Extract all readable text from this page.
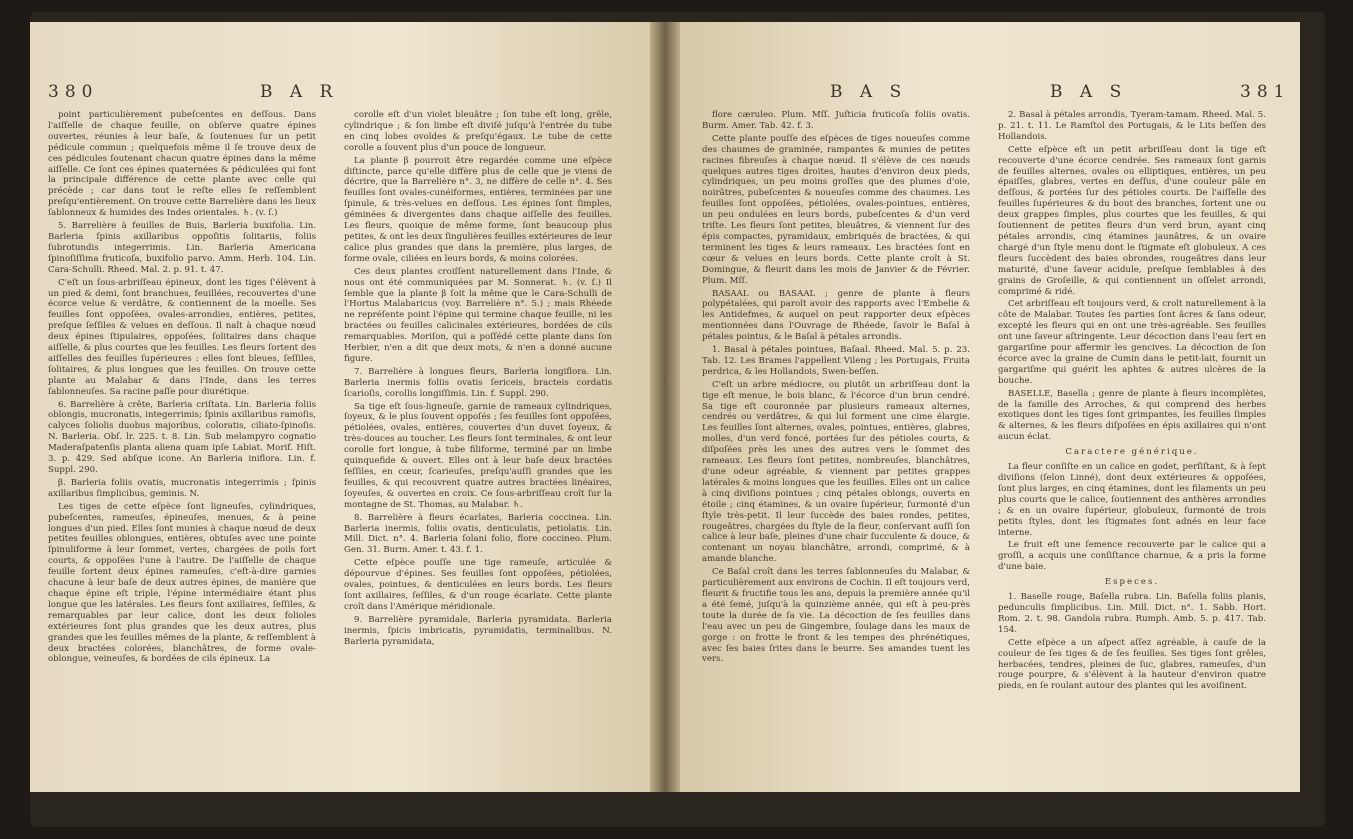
380	B A R

point particulièrement pubeſcentes en deſſous. Dans l'aiſſelle de chaque feuille, on obſerve quatre épines ouvertes, réunies à leur baſe, & ſoutenues ſur un petit pédicule commun ; quelquefois même il ſe trouve deux de ces pédicules ſoutenant chacun quatre épines dans la même aiſſelle. Ce ſont ces épines quaternées & pédiculées qui font la principale différence de cette plante avec celle qui précède ; car dans tout le reſte elles ſe reſſemblent preſqu'entièrement. On trouve cette Barrelière dans les lieux ſablonneux & humides des Indes orientales. ♄. (v. ſ.)

5. Barrelière à feuilles de Buis, Barleria buxifolia. Lin. Barleria ſpinis axillaribus oppoſitis ſolitariis, foliis ſubrotundis integerrimis. Lin. Barleria Americana ſpinoſiſſima fruticoſa, buxifolio parvo. Amm. Herb. 104. Lin. Cara-Schulli. Rheed. Mal. 2. p. 91. t. 47.

C'eſt un ſous-arbriſſeau épineux, dont les tiges ſ'élèvent à un pied & demi, ſont branchues, feuillées, recouvertes d'une écorce velue & verdâtre, & contiennent de la moelle. Ses feuilles ſont oppoſées, ovales-arrondies, entières, petites, preſque ſeſſiles & velues en deſſous. Il naît à chaque nœud deux épines ſtipulaires, oppoſées, ſolitaires dans chaque aiſſelle, & plus courtes que les feuilles. Les fleurs ſortent des aiſſelles des feuilles ſupérieures : elles ſont bleues, ſeſſiles, ſolitaires, & plus longues que les feuilles. On trouve cette plante au Malabar & dans l'Inde, dans les terres ſablonneuſes. Sa racine paſſe pour diurétique.

6. Barrelière à crête, Barleria criſtata. Lin. Barleria foliis oblongis, mucronatis, integerrimis; ſpinis axillaribus ramoſis, calyces ſoliolis duobus majoribus, coloratis, ciliato-ſpinoſis. N. Barleria. Obſ. lr. 225. t. 8. Lin. Sub melampyro cognatio Maderaſpatenſis planta aliena quam ipſe Labiat. Morif. Hiſt. 3. p. 429. Sed abſque icone. An Barleria iniflora. Lin. f. Suppl. 290.

β. Barleria foliis ovatis, mucronatis integerrimis ; ſpinis axillaribus ſimplicibus, geminis. N.

Les tiges de cette eſpèce ſont ligneuſes, cylindriques, pubeſcentes, rameuſes, épineuſes, menues, & à peine longues d'un pied. Elles ſont munies à chaque nœud de deux petites feuilles oblongues, entières, obtuſes avec une pointe ſpinuliforme à leur ſommet, vertes, chargées de poils fort courts, & oppoſées l'une à l'autre. De l'aiſſelle de chaque feuille ſortent deux épines rameuſes, c'eſt-à-dire garnies chacune à leur baſe de deux autres épines, de manière que chaque épine eſt triple, l'épine intermédiaire étant plus longue que les latérales. Les fleurs ſont axillaires, ſeſſiles, & remarquables par leur calice, dont les deux folioles extérieures ſont plus grandes que les deux autres, plus grandes que les feuilles mêmes de la plante, & reſſemblent à deux bractées colorées, blanchâtres, de forme ovale-oblongue, veineuſes, & bordées de cils épineux. La

corolle eſt d'un violet bleuâtre ; ſon tube eſt long, grêle, cylindrique ; & ſon limbe eſt diviſé juſqu'à l'entrée du tube en cinq lobes ovoïdes & preſqu'égaux. Le tube de cette corolle a ſouvent plus d'un pouce de longueur.

La plante β pourroit être regardée comme une eſpèce diſtincte, parce qu'elle diffère plus de celle que je viens de décrire, que la Barrelière n°. 3, ne diffère de celle n°. 4. Ses feuilles ſont ovales-cunéiformes, entières, terminées par une ſpinule, & très-velues en deſſous. Les épines ſont ſimples, géminées & divergentes dans chaque aiſſelle des feuilles. Les fleurs, quoique de même forme, ſont beaucoup plus petites, & ont les deux ſingulières feuilles extérieures de leur calice plus grandes que dans la première, plus larges, de forme ovale, ciliées en leurs bords, & moins colorées.

Ces deux plantes croiſſent naturellement dans l'Inde, & nous ont été communiquées par M. Sonnerat. ♄. (v. ſ.) Il ſemble que la plante β ſoit la même que le Cara-Schulli de l'Hortus Malabaricus (voy. Barrelière n°. 5.) ; mais Rhéede ne repréſente point l'épine qui termine chaque feuille, ni les bractées ou feuilles calicinales extérieures, bordées de cils remarquables. Moriſon, qui a poſſédé cette plante dans ſon Herbier, n'en a dit que deux mots, & n'en a donné aucune figure.

7. Barrelière à longues fleurs, Barleria longiflora. Lin. Barleria inermis foliis ovatis ſericeis, bracteis cordatis ſcarioſis, corollis longiſſimis. Lin. f. Suppl. 290.

Sa tige eſt ſous-ligneuſe, garnie de rameaux cylindriques, ſoyeux, & le plus ſouvent oppoſés ; ſes feuilles ſont oppoſées, pétiolées, ovales, entières, couvertes d'un duvet ſoyeux, & très-douces au toucher. Les fleurs ſont terminales, & ont leur corolle fort longue, à tube filiforme, terminé par un limbe quinquefide & ouvert. Elles ont à leur baſe deux bractées ſeſſiles, en cœur, ſcarieuſes, preſqu'auſſi grandes que les feuilles, & qui recouvrent quatre autres bractées linéaires, ſoyeuſes, & ouvertes en croix. Ce ſous-arbriſſeau croît ſur la montagne de St. Thomas, au Malabar. ♄.

8. Barrelière à fleurs écarlates, Barleria coccinea. Lin. Barleria inermis, foliis ovatis, denticulatis, petiolatis. Lin. Mill. Dict. n°. 4. Barleria ſolani folio, flore coccineo. Plum. Gen. 31. Burm. Amer. t. 43. f. 1.

Cette eſpèce pouſſe une tige rameuſe, articulée & dépourvue d'épines. Ses feuilles ſont oppoſées, pétiolées, ovales, pointues, & denticulées en leurs bords. Les fleurs ſont axillaires, ſeſſiles, & d'un rouge écarlate. Cette plante croît dans l'Amérique méridionale.

9. Barrelière pyramidale, Barleria pyramidata. Barleria inermis, ſpicis imbricatis, pyramidatis, terminalibus. N. Barleria pyramidata,

B A S	B A S	381

flore cæruleo. Plum. Mſſ. Juſticia fruticoſa foliis ovatis. Burm. Amer. Tab. 42. f. 3.

Cette plante pouſſe des eſpèces de tiges noueuſes comme des chaumes de graminée, rampantes & munies de petites racines fibreuſes à chaque nœud. Il s'élève de ces nœuds quelques autres tiges droites, hautes d'environ deux pieds, cylindriques, un peu moins groſſes que des plumes d'oie, noirâtres, pubeſcentes & noueuſes comme des chaumes. Les feuilles ſont oppoſées, pétiolées, ovales-pointues, entières, un peu ondulées en leurs bords, pubeſcentes & d'un verd triſte. Les fleurs ſont petites, bleuâtres, & viennent ſur des épis compactes, pyramidaux, embriqués de bractées, & qui terminent les tiges & leurs rameaux. Les bractées ſont en cœur & velues en leurs bords. Cette plante croît à St. Domingue, & fleurit dans les mois de Janvier & de Février. Plum. Mſſ.

BASAAL ou BASAAL ; genre de plante à fleurs polypétalées, qui paroît avoir des rapports avec l'Embelie & les Antidefmes, & auquel on peut rapporter deux eſpèces mentionnées dans l'Ouvrage de Rhéede, ſavoir le Baſal à pétales pointus, & le Baſal à pétales arrondis.

1. Basal à pétales pointues, Baſaal. Rheed. Mal. 5. p. 23. Tab. 12. Les Brames l'appellent Vileng ; les Portugais, Fruita perdrica, & les Hollandois, Swen-beſſen.

C'eſt un arbre médiocre, ou plutôt un arbriſſeau dont la tige eſt menue, le bois blanc, & l'écorce d'un brun cendré. Sa tige eſt couronnée par plusieurs rameaux alternes, cendrés ou verdâtres, & qui lui forment une cime élargie. Les feuilles ſont alternes, ovales, pointues, entières, glabres, molles, d'un verd foncé, portées ſur des pétioles courts, & diſpoſées près les unes des autres vers le ſommet des rameaux. Les fleurs ſont petites, nombreuſes, blanchâtres, d'une odeur agréable, & viennent par petites grappes latérales & moins longues que les feuilles. Elles ont un calice à cinq diviſions pointues ; cinq pétales oblongs, ouverts en étoile ; cinq étamines, & un ovaire ſupérieur, ſurmonté d'un ſtyle très-petit. Il leur ſuccède des baies rondes, petites, rougeâtres, chargées du ſtyle de la fleur, conſervant auſſi ſon calice à leur baſe, pleines d'une chair ſucculente & douce, & contenant un noyau blanchâtre, arrondi, comprimé, & à amande blanche.

Ce Baſal croît dans les terres ſablonneuſes du Malabar, & particulièrement aux environs de Cochin. Il eſt toujours verd, fleurit & fructifie tous les ans, depuis la première année qu'il a été ſemé, juſqu'à la quinzième année, qui eſt à peu-près toute la durée de ſa vie. La décoction de ſes feuilles dans l'eau avec un peu de Gingembre, ſoulage dans les maux de gorge : on frotte le front & les tempes des phrénétiques, avec ſes baies ſrites dans le beurre. Ses amandes tuent les vers.

2. Basal à pétales arrondis, Tyeram-tamam. Rheed. Mal. 5. p. 21. t. 11. Le Ramſtol des Portugais, & le Lits beſſen des Hollandois.

Cette eſpèce eſt un petit arbriſſeau dont la tige eſt recouverte d'une écorce cendrée. Ses rameaux ſont garnis de feuilles alternes, ovales ou elliptiques, entières, un peu épaiſſes, glabres, vertes en deſſus, d'une couleur pâle en deſſous, & portées ſur des pétioles courts. De l'aiſſelle des feuilles ſupérieures & du bout des branches, ſortent une ou deux grappes ſimples, plus courtes que les feuilles, & qui ſoutiennent de petites fleurs d'un verd brun, ayant cinq pétales arrondis, cinq étamines jaunâtres, & un ovaire chargé d'un ſtyle menu dont le ſtigmate eſt globuleux. A ces fleurs ſuccèdent des baies obrondes, rougeâtres dans leur maturité, d'une ſaveur acidule, preſque ſemblables à des grains de Groſeille, & qui contiennent un oſſelet arrondi, comprimé & ridé.

Cet arbriſſeau eſt toujours verd, & croît naturellement à la côte de Malabar. Toutes ſes parties ſont âcres & ſans odeur, excepté les fleurs qui en ont une très-agréable. Ses feuilles ont une ſaveur aſtringente. Leur décoction dans l'eau ſert en gargariſme pour affermir les gencives. La décoction de ſon écorce avec la graine de Cumin dans le petit-lait, fournit un gargariſme qui guérit les aphtes & autres ulcères de la bouche.

BASELLE, Basella ; genre de plante à fleurs incomplètes, de la famille des Arroches, & qui comprend des herbes exotiques dont les tiges ſont grimpantes, les feuilles ſimples & alternes, & les fleurs diſpoſées en épis axillaires qui n'ont aucun éclat.

Caractere générique.

La fleur conſiſte en un calice en godet, perſiſtant, & à ſept diviſions (ſelon Linné), dont deux extérieures & oppoſées, ſont plus larges, en cinq étamines, dont les filaments un peu plus courts que le calice, ſoutiennent des anthères arrondies ; & en un ovaire ſupérieur, globuleux, ſurmonté de trois petits ſtyles, dont les ſtigmates ſont adnés en leur face interne.

Le fruit eſt une ſemence recouverte par le calice qui a groſſi, a acquis une conſiſtance charnue, & a pris la forme d'une baie.

Especes.

1. Baselle rouge, Baſella rubra. Lin. Baſella foliis planis, pedunculis ſimplicibus. Lin. Mill. Dict. n°. 1. Sabb. Hort. Rom. 2. t. 98. Gandola rubra. Rumph. Amb. 5. p. 417. Tab. 154.

Cette eſpèce a un aſpect aſſez agréable, à cauſe de la couleur de ſes tiges & de ſes feuilles. Ses tiges ſont grêles, herbacées, tendres, pleines de ſuc, glabres, rameuſes, d'un rouge pourpre, & s'élèvent à la hauteur d'environ quatre pieds, en ſe roulant autour des plantes qui les avoiſinent.
